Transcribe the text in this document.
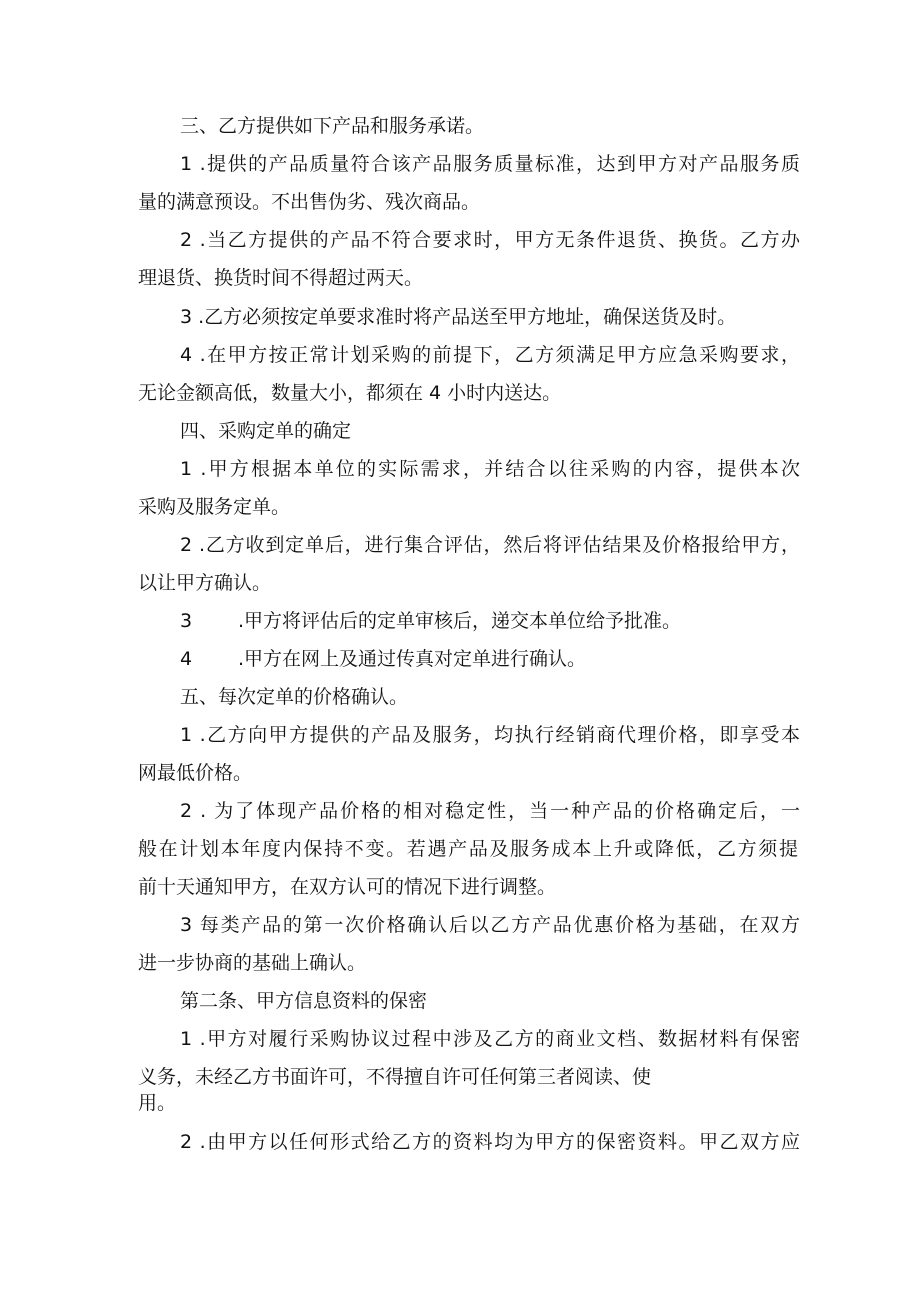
三、乙方提供如下产品和服务承诺。
1 .提供的产品质量符合该产品服务质量标准，达到甲方对产品服务质
量的满意预设。不出售伪劣、残次商品。
2 .当乙方提供的产品不符合要求时，甲方无条件退货、换货。乙方办
理退货、换货时间不得超过两天。
3 .乙方必须按定单要求准时将产品送至甲方地址，确保送货及时。
4 .在甲方按正常计划采购的前提下，乙方须满足甲方应急采购要求，
无论金额高低，数量大小，都须在 4 小时内送达。
四、采购定单的确定
1 .甲方根据本单位的实际需求，并结合以往采购的内容，提供本次
采购及服务定单。
2 .乙方收到定单后，进行集合评估，然后将评估结果及价格报给甲方，
以让甲方确认。
3 .甲方将评估后的定单审核后，递交本单位给予批准。
4 .甲方在网上及通过传真对定单进行确认。
五、每次定单的价格确认。
1 .乙方向甲方提供的产品及服务，均执行经销商代理价格，即享受本
网最低价格。
2 . 为了体现产品价格的相对稳定性，当一种产品的价格确定后，一
般在计划本年度内保持不变。若遇产品及服务成本上升或降低，乙方须提
前十天通知甲方，在双方认可的情况下进行调整。
3 每类产品的第一次价格确认后以乙方产品优惠价格为基础，在双方
进一步协商的基础上确认。
第二条、甲方信息资料的保密
1 .甲方对履行采购协议过程中涉及乙方的商业文档、数据材料有保密
义务，未经乙方书面许可，不得擅自许可任何第三者阅读、使
用。
2 .由甲方以任何形式给乙方的资料均为甲方的保密资料。甲乙双方应
